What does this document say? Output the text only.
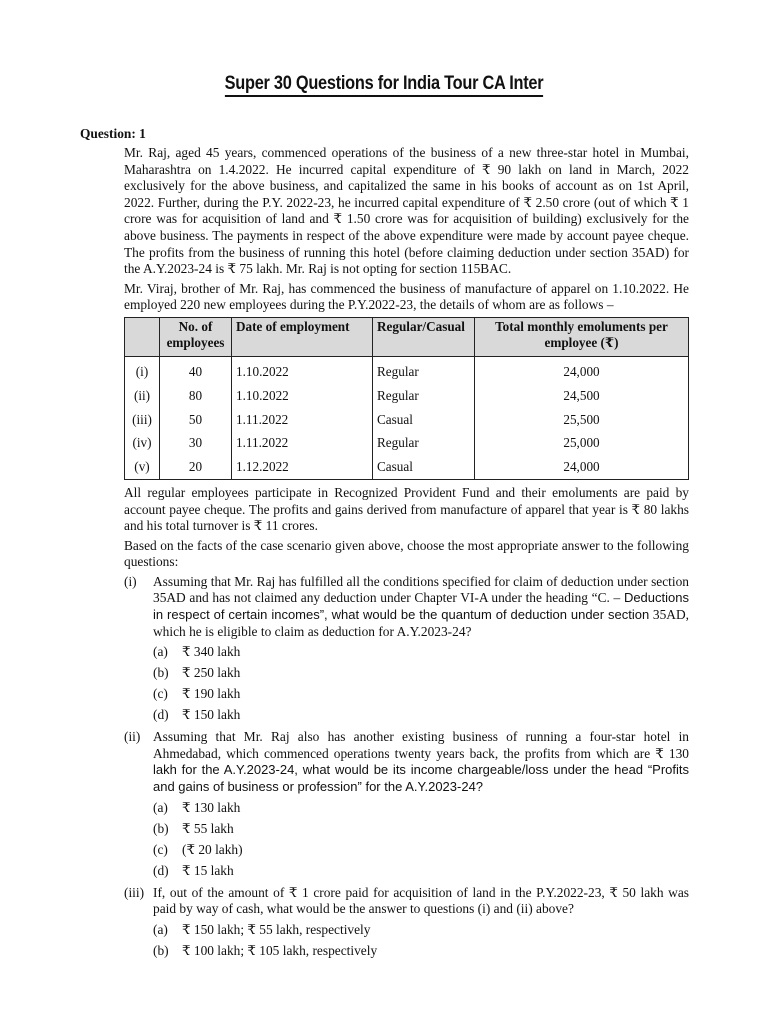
Super 30 Questions for India Tour CA Inter
Question: 1

Mr. Raj, aged 45 years, commenced operations of the business of a new three-star hotel in Mumbai, Maharashtra on 1.4.2022. He incurred capital expenditure of ₹ 90 lakh on land in March, 2022 exclusively for the above business, and capitalized the same in his books of account as on 1st April, 2022. Further, during the P.Y. 2022-23, he incurred capital expenditure of ₹ 2.50 crore (out of which ₹ 1 crore was for acquisition of land and ₹ 1.50 crore was for acquisition of building) exclusively for the above business. The payments in respect of the above expenditure were made by account payee cheque. The profits from the business of running this hotel (before claiming deduction under section 35AD) for the A.Y.2023-24 is ₹ 75 lakh. Mr. Raj is not opting for section 115BAC.

Mr. Viraj, brother of Mr. Raj, has commenced the business of manufacture of apparel on 1.10.2022. He employed 220 new employees during the P.Y.2022-23, the details of whom are as follows –

	No. of employees	Date of employment	Regular/Casual	Total monthly emoluments per employee (₹)
(i)	40	1.10.2022	Regular	24,000
(ii)	80	1.10.2022	Regular	24,500
(iii)	50	1.11.2022	Casual	25,500
(iv)	30	1.11.2022	Regular	25,000
(v)	20	1.12.2022	Casual	24,000

All regular employees participate in Recognized Provident Fund and their emoluments are paid by account payee cheque. The profits and gains derived from manufacture of apparel that year is ₹ 80 lakhs and his total turnover is ₹ 11 crores.

Based on the facts of the case scenario given above, choose the most appropriate answer to the following questions:

(i)	Assuming that Mr. Raj has fulfilled all the conditions specified for claim of deduction under section 35AD and has not claimed any deduction under Chapter VI-A under the heading “C. – Deductions in respect of certain incomes”, what would be the quantum of deduction under section 35AD, which he is eligible to claim as deduction for A.Y.2023-24?
(a)	₹ 340 lakh
(b) ₹ 250 lakh
(c)	₹ 190 lakh
(d) ₹ 150 lakh
(ii) Assuming that Mr. Raj also has another existing business of running a four-star hotel in Ahmedabad, which commenced operations twenty years back, the profits from which are ₹ 130 lakh for the A.Y.2023-24, what would be its income chargeable/loss under the head “Profits and gains of business or profession” for the A.Y.2023-24?
(a)	₹ 130 lakh
(b) ₹ 55 lakh
(c)	(₹ 20 lakh)
(d) ₹ 15 lakh
(iii) If, out of the amount of ₹ 1 crore paid for acquisition of land in the P.Y.2022-23, ₹ 50 lakh was paid by way of cash, what would be the answer to questions (i) and (ii) above?
(a)	₹ 150 lakh; ₹ 55 lakh, respectively
(b) ₹ 100 lakh; ₹ 105 lakh, respectively
